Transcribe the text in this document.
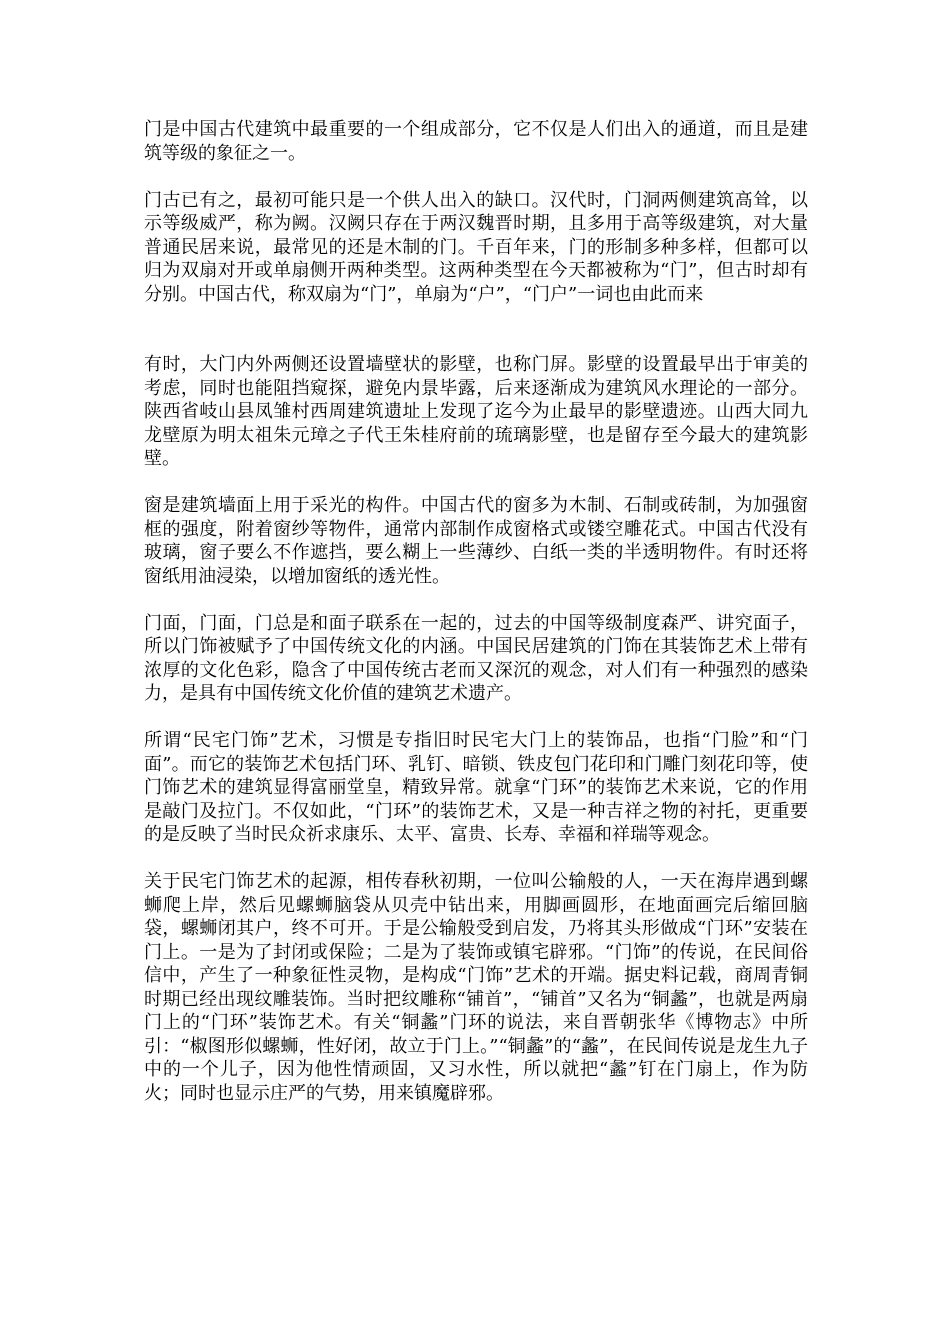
门是中国古代建筑中最重要的一个组成部分，它不仅是人们出入的通道，而且是建筑等级的象征之一。

门古已有之，最初可能只是一个供人出入的缺口。汉代时，门洞两侧建筑高耸，以示等级威严，称为阙。汉阙只存在于两汉魏晋时期，且多用于高等级建筑，对大量普通民居来说，最常见的还是木制的门。千百年来，门的形制多种多样，但都可以归为双扇对开或单扇侧开两种类型。这两种类型在今天都被称为“门”，但古时却有分别。中国古代，称双扇为“门”，单扇为“户”，“门户”一词也由此而来

有时，大门内外两侧还设置墙壁状的影壁，也称门屏。影壁的设置最早出于审美的考虑，同时也能阻挡窥探，避免内景毕露，后来逐渐成为建筑风水理论的一部分。陕西省岐山县凤雏村西周建筑遗址上发现了迄今为止最早的影壁遗迹。山西大同九龙壁原为明太祖朱元璋之子代王朱桂府前的琉璃影壁，也是留存至今最大的建筑影壁。

窗是建筑墙面上用于采光的构件。中国古代的窗多为木制、石制或砖制，为加强窗框的强度，附着窗纱等物件，通常内部制作成窗格式或镂空雕花式。中国古代没有玻璃，窗子要么不作遮挡，要么糊上一些薄纱、白纸一类的半透明物件。有时还将窗纸用油浸染，以增加窗纸的透光性。

门面，门面，门总是和面子联系在一起的，过去的中国等级制度森严、讲究面子，所以门饰被赋予了中国传统文化的内涵。中国民居建筑的门饰在其装饰艺术上带有浓厚的文化色彩，隐含了中国传统古老而又深沉的观念，对人们有一种强烈的感染力，是具有中国传统文化价值的建筑艺术遗产。

所谓“民宅门饰”艺术，习惯是专指旧时民宅大门上的装饰品，也指“门脸”和“门面”。而它的装饰艺术包括门环、乳钉、暗锁、铁皮包门花印和门雕门刻花印等，使门饰艺术的建筑显得富丽堂皇，精致异常。就拿“门环”的装饰艺术来说，它的作用是敲门及拉门。不仅如此，“门环”的装饰艺术，又是一种吉祥之物的衬托，更重要的是反映了当时民众祈求康乐、太平、富贵、长寿、幸福和祥瑞等观念。

关于民宅门饰艺术的起源，相传春秋初期，一位叫公输般的人，一天在海岸遇到螺蛳爬上岸，然后见螺蛳脑袋从贝壳中钻出来，用脚画圆形，在地面画完后缩回脑袋，螺蛳闭其户，终不可开。于是公输般受到启发，乃将其头形做成“门环”安装在门上。一是为了封闭或保险；二是为了装饰或镇宅辟邪。“门饰”的传说，在民间俗信中，产生了一种象征性灵物，是构成“门饰”艺术的开端。据史料记载，商周青铜时期已经出现纹雕装饰。当时把纹雕称“铺首”，“铺首”又名为“铜蠡”，也就是两扇门上的“门环”装饰艺术。有关“铜蠡”门环的说法，来自晋朝张华《博物志》中所引：“椒图形似螺蛳，性好闭，故立于门上。”“铜蠡”的“蠡”，在民间传说是龙生九子中的一个儿子，因为他性情顽固，又习水性，所以就把“蠡”钉在门扇上，作为防火；同时也显示庄严的气势，用来镇魔辟邪。
